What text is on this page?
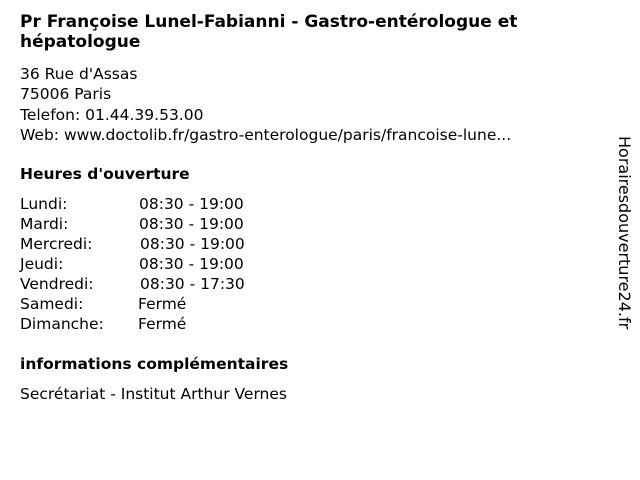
Pr Françoise Lunel-Fabianni - Gastro-entérologue et hépatologue
36 Rue d'Assas
75006 Paris
Telefon: 01.44.39.53.00
Web: www.doctolib.fr/gastro-enterologue/paris/francoise-lune...
Heures d'ouverture
Lundi:	08:30 - 19:00
Mardi:	08:30 - 19:00
Mercredi:	08:30 - 19:00
Jeudi:	08:30 - 19:00
Vendredi:	08:30 - 17:30
Samedi:	Fermé
Dimanche: Fermé
informations complémentaires
Secrétariat - Institut Arthur Vernes
Horairesdouverture24.fr
